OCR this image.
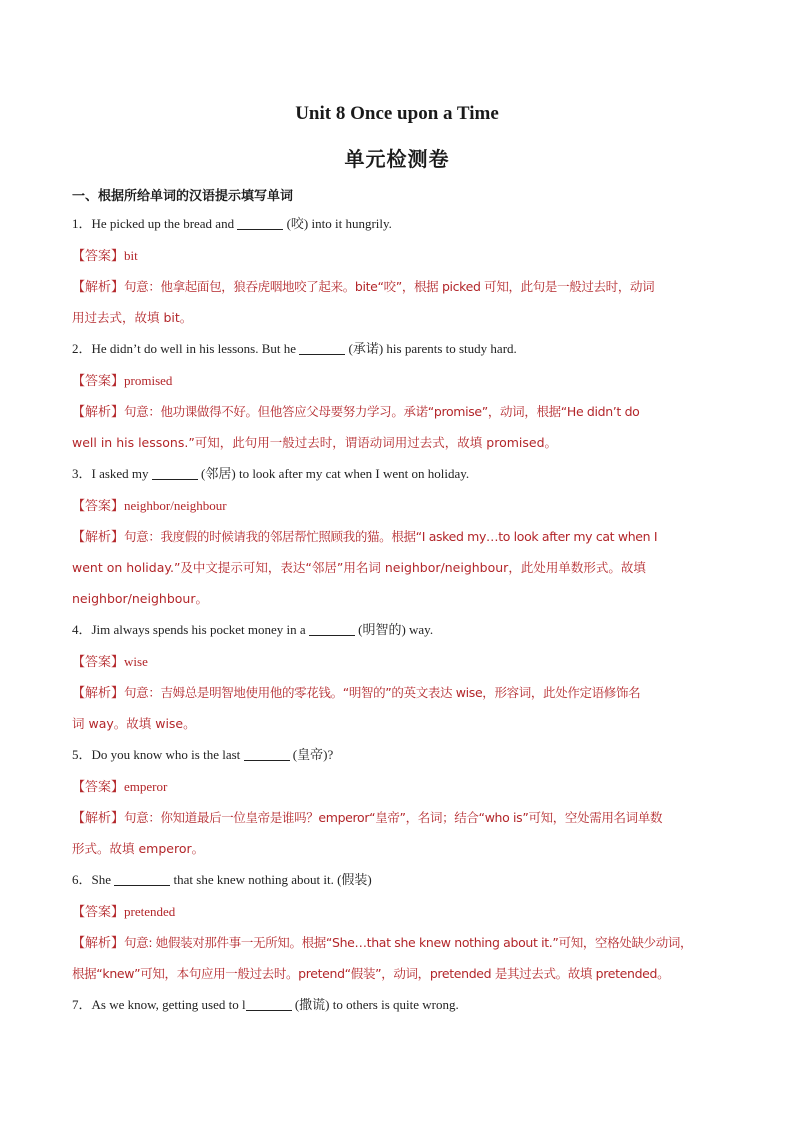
Unit 8 Once upon a Time
单元检测卷
一、根据所给单词的汉语提示填写单词
1．He picked up the bread and	(咬) into it hungrily.
【答案】bit
【解析】句意：他拿起面包，狼吞虎咽地咬了起来。bite“咬”，根据 picked 可知，此句是一般过去时，动词
用过去式，故填 bit。
2．He didn’t do well in his lessons. But he	(承诺) his parents to study hard.
【答案】promised
【解析】句意：他功课做得不好。但他答应父母要努力学习。承诺“promise”，动词，根据“He didn’t do
well in his lessons.”可知，此句用一般过去时，谓语动词用过去式，故填 promised。
3．I asked my	(邻居) to look after my cat when I went on holiday.
【答案】neighbor/neighbour
【解析】句意：我度假的时候请我的邻居帮忙照顾我的猫。根据“I asked my…to look after my cat when I
went on holiday.”及中文提示可知，表达“邻居”用名词 neighbor/neighbour，此处用单数形式。故填
neighbor/neighbour。
4．Jim always spends his pocket money in a	(明智的) way.
【答案】wise
【解析】句意：吉姆总是明智地使用他的零花钱。“明智的”的英文表达 wise，形容词，此处作定语修饰名
词 way。故填 wise。
5．Do you know who is the last	(皇帝)?
【答案】emperor
【解析】句意：你知道最后一位皇帝是谁吗？emperor“皇帝”，名词；结合“who is”可知，空处需用名词单数
形式。故填 emperor。
6．She	that she knew nothing about it. (假装)
【答案】pretended
【解析】句意: 她假装对那件事一无所知。根据“She…that she knew nothing about it.”可知，空格处缺少动词，
根据“knew”可知，本句应用一般过去时。pretend“假装”，动词，pretended 是其过去式。故填 pretended。
7．As we know, getting used to l	(撒谎) to others is quite wrong.
